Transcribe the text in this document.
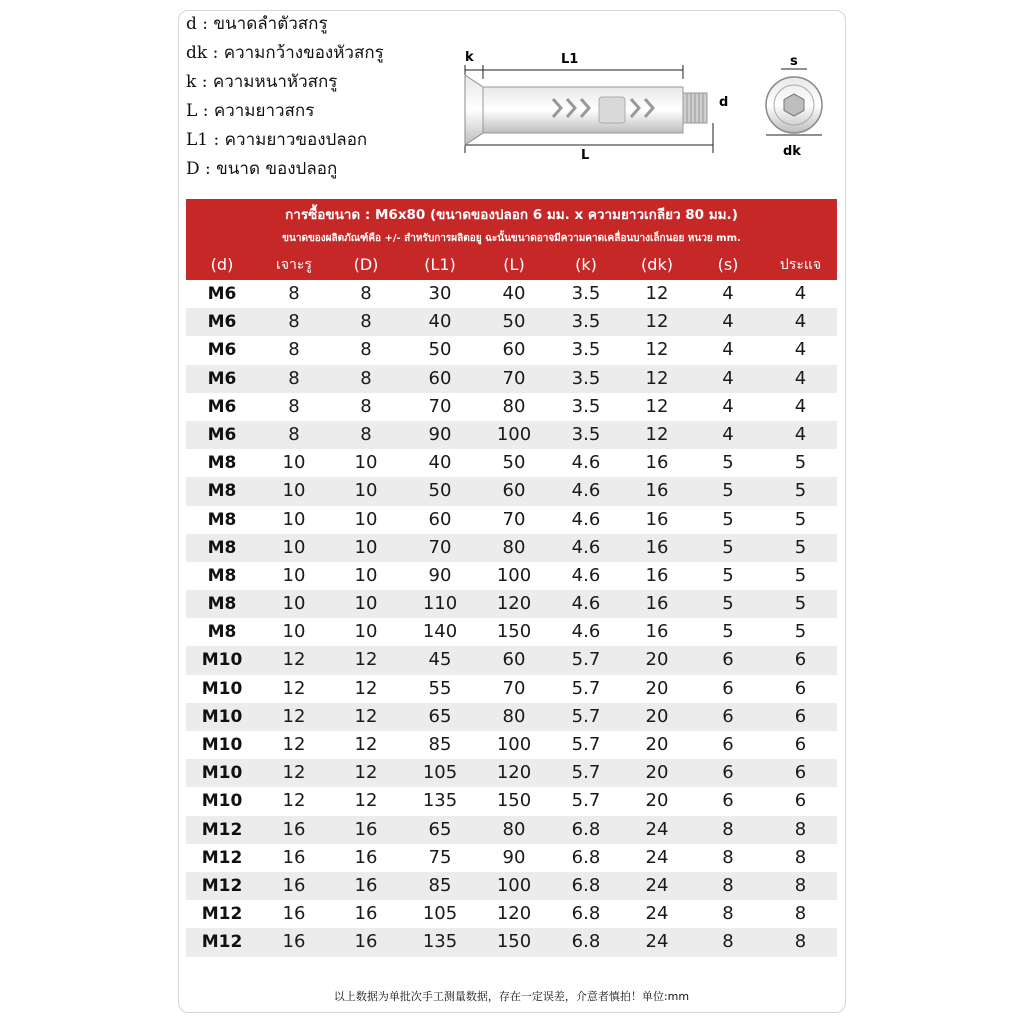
d : ขนาดลำตัวสกรู
dk : ความกว้างของหัวสกรู
k : ความหนาหัวสกรู
L : ความยาวสกร
L1 : ความยาวของปลอก
D : ขนาด ของปลอกู
k	L1
L
d
s
dk
การซื้อขนาด : M6x80 (ขนาดของปลอก 6 มม. x ความยาวเกลียว 80 มม.)
ขนาดของผลิตภัณฑ์คือ +/- สำหรับการผลิตอยู ฉะนั้นขนาดอาจมีความคาดเคลื่อนบางเล็กนอย หนวย mm.
(d)	เจาะรู	(D)	(L1)	(L)	(k)	(dk)	(s)	ประแจ
M6	8	8	30	40	3.5	12	4	4
M6	8	8	40	50	3.5	12	4	4
M6	8	8	50	60	3.5	12	4	4
M6	8	8	60	70	3.5	12	4	4
M6	8	8	70	80	3.5	12	4	4
M6	8	8	90	100	3.5	12	4	4
M8	10	10	40	50	4.6	16	5	5
M8	10	10	50	60	4.6	16	5	5
M8	10	10	60	70	4.6	16	5	5
M8	10	10	70	80	4.6	16	5	5
M8	10	10	90	100	4.6	16	5	5
M8	10	10	110	120	4.6	16	5	5
M8	10	10	140	150	4.6	16	5	5
M10	12	12	45	60	5.7	20	6	6
M10	12	12	55	70	5.7	20	6	6
M10	12	12	65	80	5.7	20	6	6
M10	12	12	85	100	5.7	20	6	6
M10	12	12	105	120	5.7	20	6	6
M10	12	12	135	150	5.7	20	6	6
M12	16	16	65	80	6.8	24	8	8
M12	16	16	75	90	6.8	24	8	8
M12	16	16	85	100	6.8	24	8	8
M12	16	16	105	120	6.8	24	8	8
M12	16	16	135	150	6.8	24	8	8
以上数据为单批次手工测量数据，存在一定误差，介意者慎拍！单位:mm
